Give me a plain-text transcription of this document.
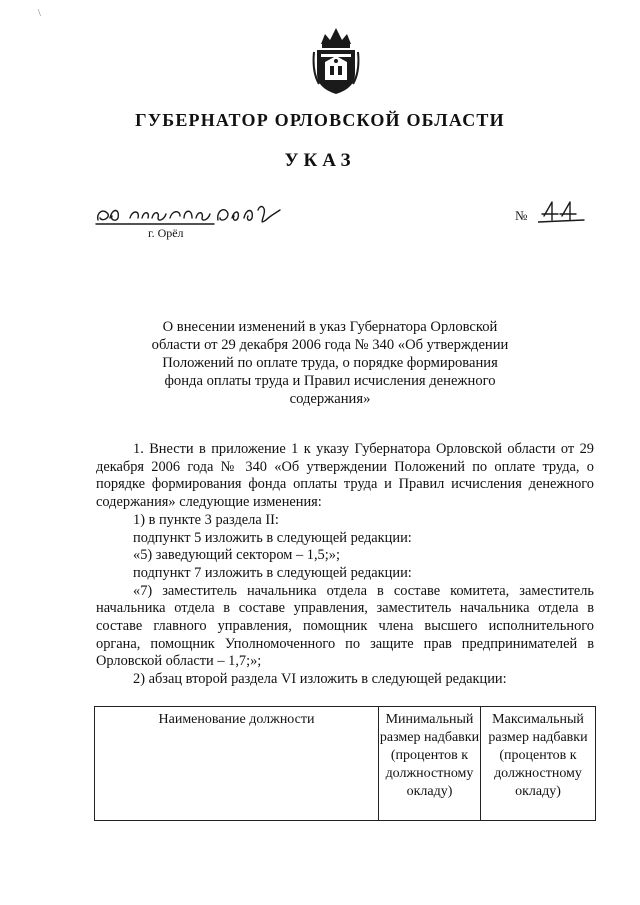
\
ГУБЕРНАТОР ОРЛОВСКОЙ ОБЛАСТИ
УКАЗ
г. Орёл
№
О внесении изменений в указ Губернатора Орловской
области от 29 декабря 2006 года № 340 «Об утверждении
Положений по оплате труда, о порядке формирования
фонда оплаты труда и Правил исчисления денежного
содержания»
1. Внести в приложение 1 к указу Губернатора Орловской области от 29 декабря 2006 года № 340 «Об утверждении Положений по оплате труда, о порядке формирования фонда оплаты труда и Правил исчисления денежного содержания» следующие изменения:
1) в пункте 3 раздела II:
подпункт 5 изложить в следующей редакции:
«5) заведующий сектором – 1,5;»;
подпункт 7 изложить в следующей редакции:
«7) заместитель начальника отдела в составе комитета, заместитель начальника отдела в составе управления, заместитель начальника отдела в составе главного управления, помощник члена высшего исполнительного органа, помощник Уполномоченного по защите прав предпринимателей в Орловской области – 1,7;»;
2) абзац второй раздела VI изложить в следующей редакции:
Наименование должности	Минимальный размер надбавки (процентов к должностному окладу)
Максимальный размер надбавки (процентов к должностному окладу)
